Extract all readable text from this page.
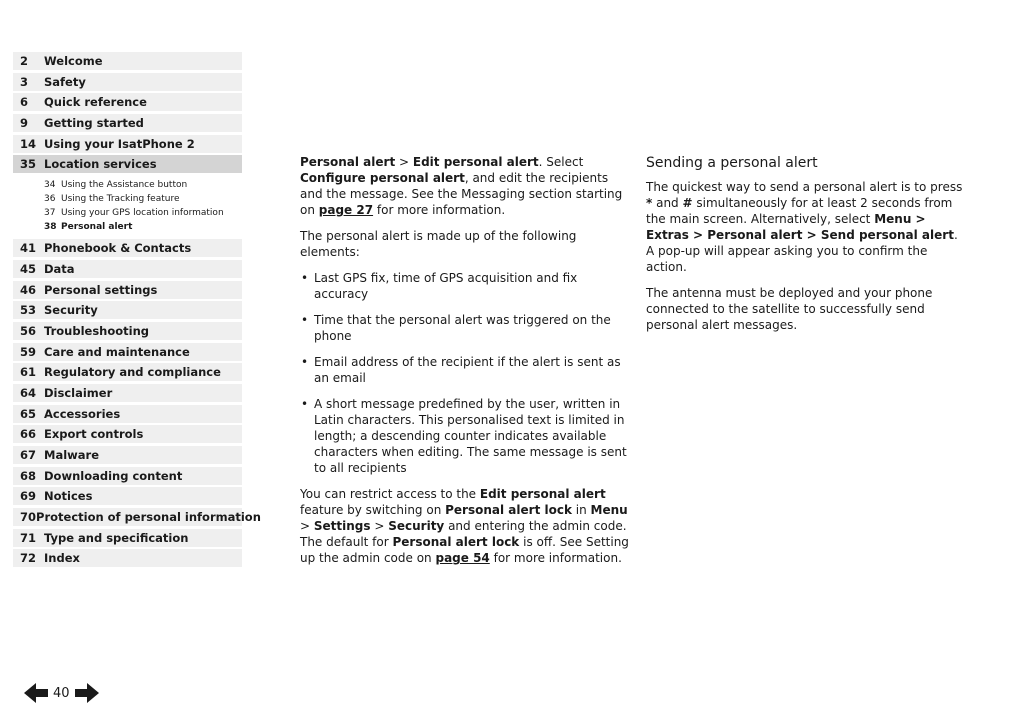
2	Welcome
3	Safety
6	Quick reference
9	Getting started
14 Using your IsatPhone 2
35 Location services
34 Using the Assistance button
36 Using the Tracking feature
37 Using your GPS location information
38 Personal alert
41 Phonebook & Contacts
45 Data
46 Personal settings
53 Security
56 Troubleshooting
59 Care and maintenance
61 Regulatory and compliance
64 Disclaimer
65 Accessories
66 Export controls
67 Malware
68 Downloading content
69 Notices
70 Protection of personal information
71 Type and specification
72 Index

Personal alert > Edit personal alert. Select Configure personal alert, and edit the recipients and the message. See the Messaging section starting on page 27 for more information.

The personal alert is made up of the following elements:

• Last GPS fix, time of GPS acquisition and fix accuracy
• Time that the personal alert was triggered on the phone
• Email address of the recipient if the alert is sent as an email
• A short message predefined by the user, written in Latin characters. This personalised text is limited in length; a descending counter indicates available characters when editing. The same message is sent to all recipients

You can restrict access to the Edit personal alert feature by switching on Personal alert lock in Menu > Settings > Security and entering the admin code. The default for Personal alert lock is off. See Setting up the admin code on page 54 for more information.

Sending a personal alert

The quickest way to send a personal alert is to press * and # simultaneously for at least 2 seconds from the main screen. Alternatively, select Menu > Extras > Personal alert > Send personal alert. A pop-up will appear asking you to confirm the action.

The antenna must be deployed and your phone connected to the satellite to successfully send personal alert messages.

40
